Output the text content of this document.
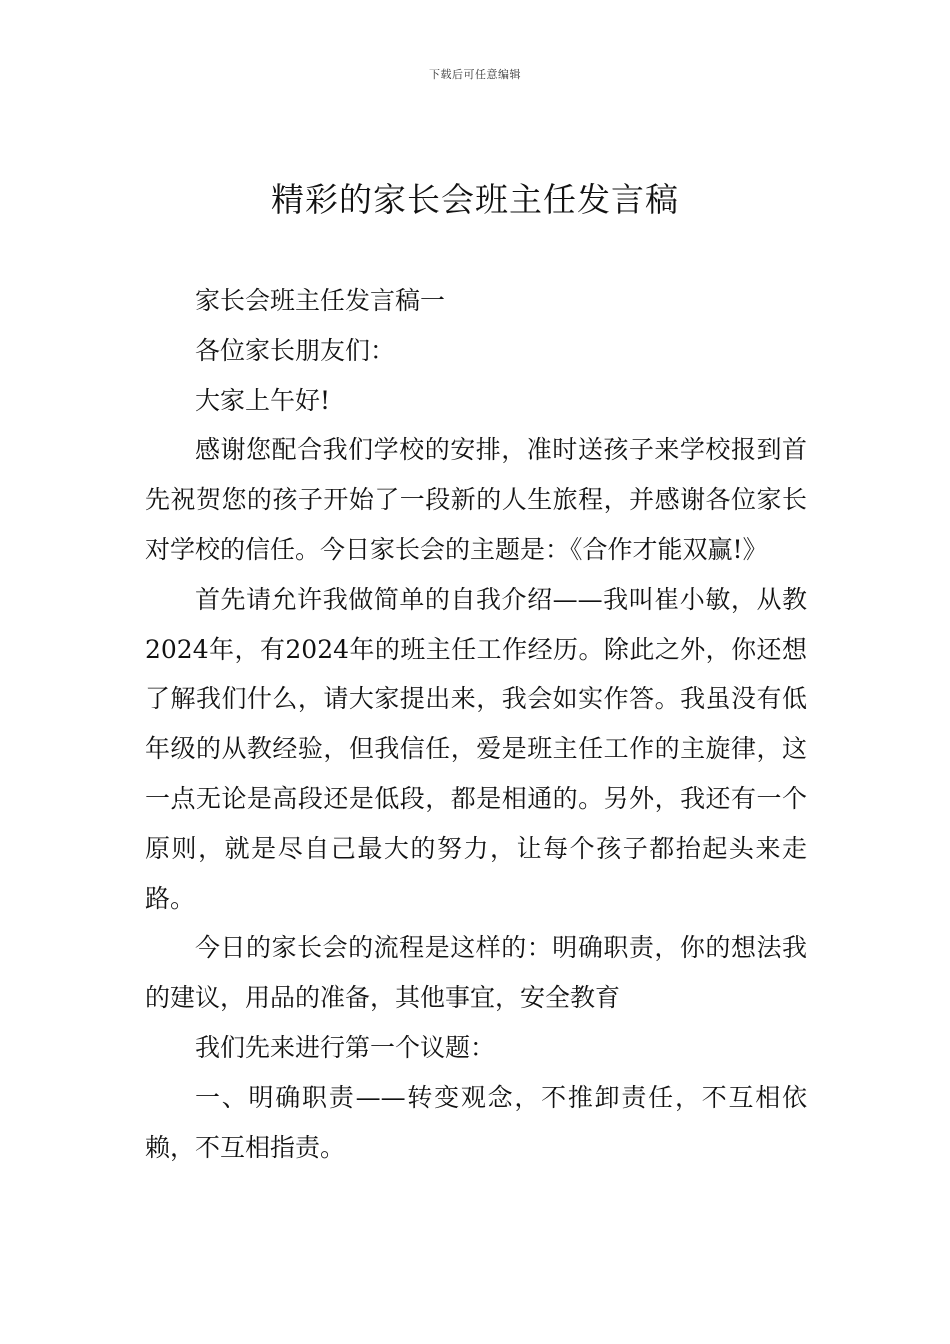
下载后可任意编辑
精彩的家长会班主任发言稿

家长会班主任发言稿一

各位家长朋友们：

大家上午好!

感谢您配合我们学校的安排，准时送孩子来学校报到首先祝贺您的孩子开始了一段新的人生旅程，并感谢各位家长对学校的信任。今日家长会的主题是：《合作才能双赢!》

首先请允许我做简单的自我介绍——我叫崔小敏，从教2024年，有2024年的班主任工作经历。除此之外，你还想了解我们什么，请大家提出来，我会如实作答。我虽没有低年级的从教经验，但我信任，爱是班主任工作的主旋律，这一点无论是高段还是低段，都是相通的。另外，我还有一个原则，就是尽自己最大的努力，让每个孩子都抬起头来走路。

今日的家长会的流程是这样的：明确职责，你的想法我的建议，用品的准备，其他事宜，安全教育

我们先来进行第一个议题：

一、明确职责——转变观念，不推卸责任，不互相依赖，不互相指责。
